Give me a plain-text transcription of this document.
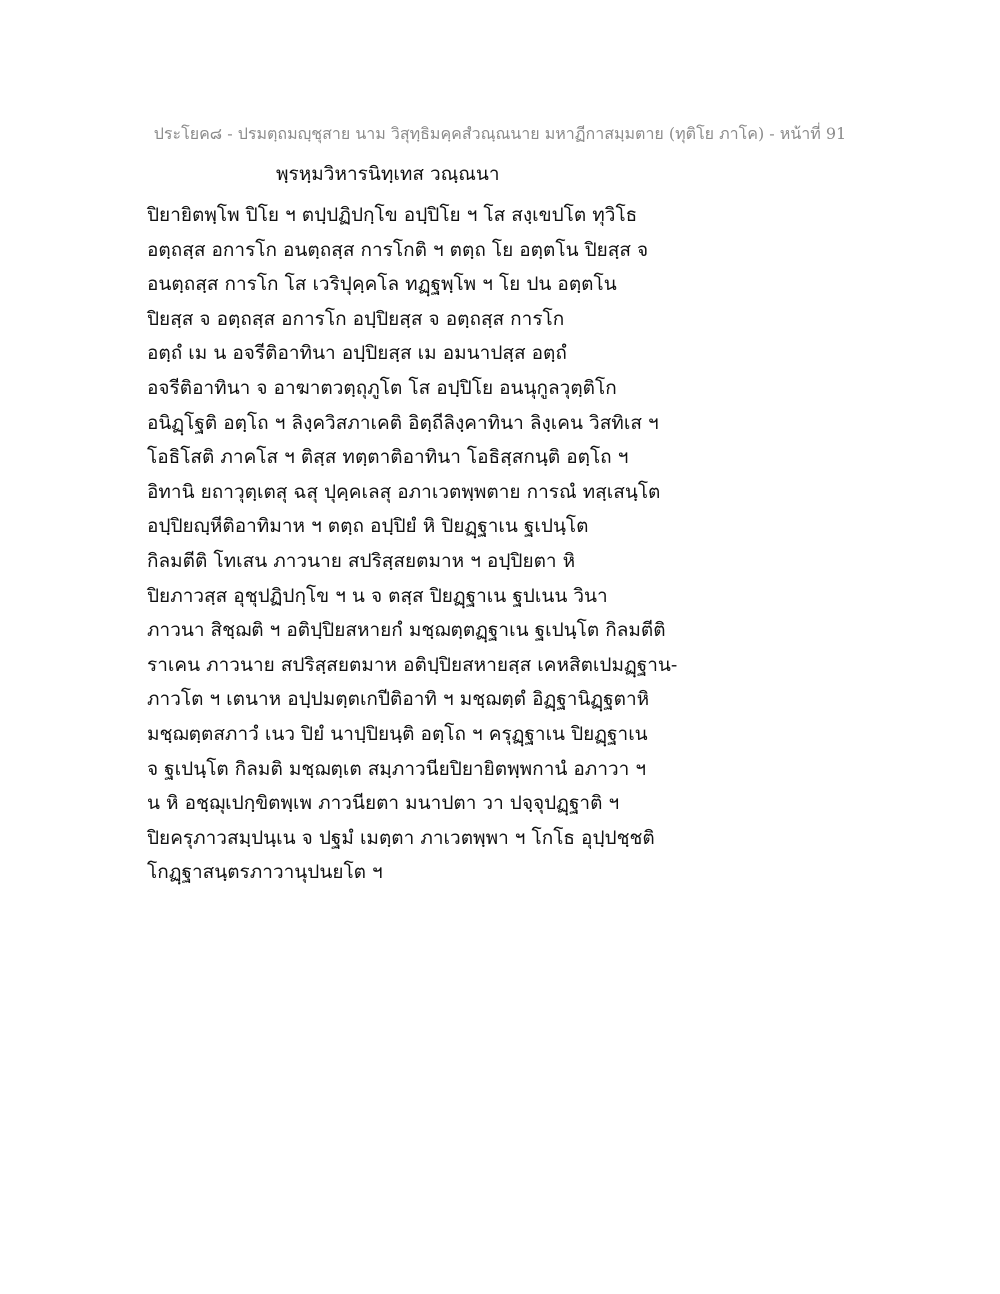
ประโยค๘ - ปรมตฺถมญฺชุสาย นาม วิสุทฺธิมคฺคสํวณฺณนาย มหาฏีกาสมฺมตาย (ทุติโย ภาโค) - หน้าที่ 91
พฺรหฺมวิหารนิทฺเทส วณฺณนา
ปิยายิตพฺโพ ปิโย ฯ ตปฺปฏิปกฺโข อปฺปิโย ฯ โส สงฺเขปโต ทุวิโธ
อตฺถสฺส อการโก อนตฺถสฺส การโกติ ฯ ตตฺถ โย อตฺตโน ปิยสฺส จ
อนตฺถสฺส การโก โส เวริปุคฺคโล ทฏฺฐพฺโพ ฯ โย ปน อตฺตโน
ปิยสฺส จ อตฺถสฺส อการโก อปฺปิยสฺส จ อตฺถสฺส การโก
อตฺถํ เม น อจรีติอาทินา อปฺปิยสฺส เม อมนาปสฺส อตฺถํ
อจรีติอาทินา จ อาฆาตวตฺถุภูโต โส อปฺปิโย อนนุกูลวุตฺติโก
อนิฏฺโฐติ อตฺโถ ฯ ลิงฺควิสภาเคติ อิตฺถีลิงฺคาทินา ลิงฺเคน วิสทิเส ฯ
โอธิโสติ ภาคโส ฯ ติสฺส ทตฺตาติอาทินา โอธิสฺสกนฺติ อตฺโถ ฯ
อิทานิ ยถาวุตฺเตสุ ฉสุ ปุคฺคเลสุ อภาเวตพฺพตาย การณํ ทสฺเสนฺโต
อปฺปิยญฺหีติอาทิมาห ฯ ตตฺถ อปฺปิยํ หิ ปิยฏฺฐาเน ฐเปนฺโต
กิลมตีติ โทเสน ภาวนาย สปริสฺสยตมาห ฯ อปฺปิยตา หิ
ปิยภาวสฺส อุชุปฏิปกฺโข ฯ น จ ตสฺส ปิยฏฺฐาเน ฐปเนน วินา
ภาวนา สิชฺฌติ ฯ อติปฺปิยสหายกํ มชฺฌตฺตฏฺฐาเน ฐเปนฺโต กิลมตีติ
ราเคน ภาวนาย สปริสฺสยตมาห อติปฺปิยสหายสฺส เคหสิตเปมฏฺฐาน-
ภาวโต ฯ เตนาห อปฺปมตฺตเกปีติอาทิ ฯ มชฺฌตฺตํ อิฏฺฐานิฏฺฐตาหิ
มชฺฌตฺตสภาวํ เนว ปิยํ นาปฺปิยนฺติ อตฺโถ ฯ ครุฏฺฐาเน ปิยฏฺฐาเน
จ ฐเปนฺโต กิลมติ มชฺฌตฺเต สมฺภาวนียปิยายิตพฺพกานํ อภาวา ฯ
น หิ อชฺฌุเปกฺขิตพฺเพ ภาวนียตา มนาปตา วา ปจฺจุปฏฺฐาติ ฯ
ปิยครุภาวสมฺปนฺเน จ ปฐมํ เมตฺตา ภาเวตพฺพา ฯ โกโธ อุปฺปชฺชติ
โกฏฺฐาสนฺตรภาวานุปนยโต ฯ
